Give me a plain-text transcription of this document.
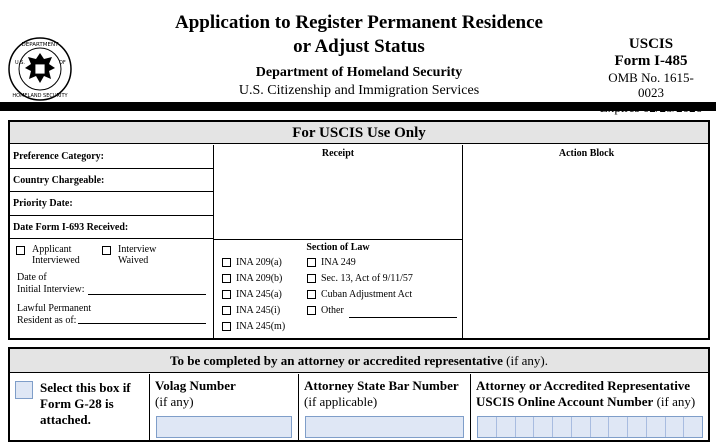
DEPARTMENT
HOMELAND SECURITY
U.S.	OF
Application to Register Permanent Residence
or Adjust Status
Department of Homeland Security
U.S. Citizenship and Immigration Services
USCIS
Form I-485
OMB No. 1615-0023
For USCIS Use Only
Preference Category:
Country Chargeable:
Priority Date:
Date Form I-693 Received:
Receipt	Action Block
Applicant
Interviewed
Interview
Waived
Date of
Initial Interview:
Lawful Permanent
Resident as of:
Section of Law
INA 209(a)
INA 209(b)
INA 245(a)
INA 245(i)
INA 245(m)
INA 249
Sec. 13, Act of 9/11/57
Cuban Adjustment Act
Other
To be completed by an attorney or accredited representative (if any).
Select this box if
Form G-28 is
attached.
Volag Number
(if any)
Attorney State Bar Number
(if applicable)
Attorney or Accredited Representative
USCIS Online Account Number (if any)
